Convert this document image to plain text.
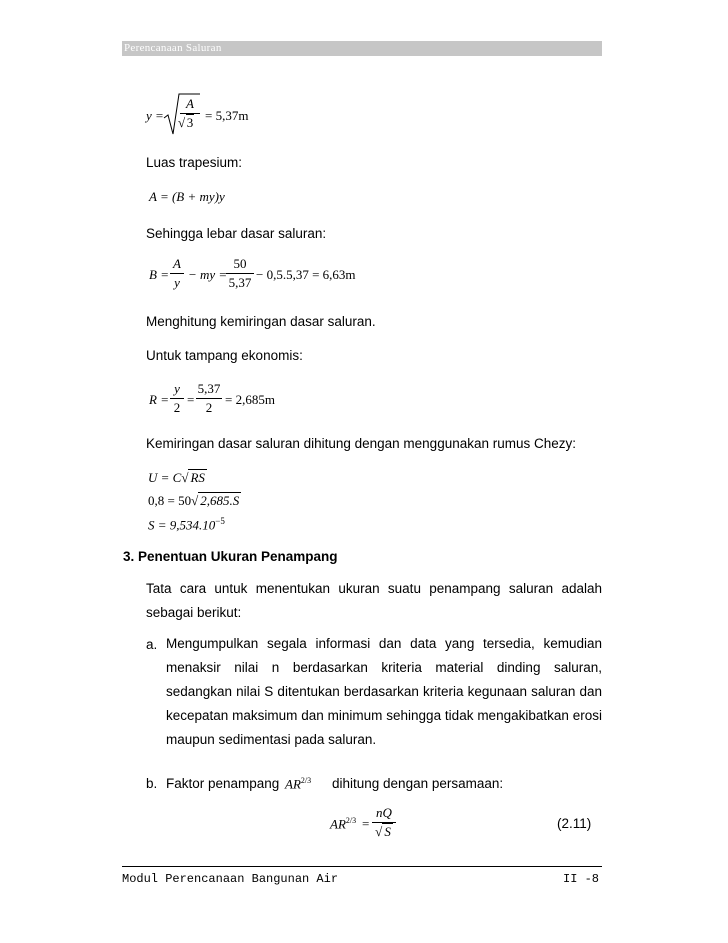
Perencanaan Saluran
y =
A
√ 3 = 5,37m
Luas trapesium:
A = (B + my)y
Sehingga lebar dasar saluran:
B =
A
y
− my =
50
5,37
− 0,5.5,37 = 6,63m
Menghitung kemiringan dasar saluran.
Untuk tampang ekonomis:
R =
y
2
=
5,37
2
= 2,685m
Kemiringan dasar saluran dihitung dengan menggunakan rumus Chezy:
U = C√ RS
0,8 = 50√ 2,685.S
$S = 9,534.10^{-5}$
3. Penentuan Ukuran Penampang
Tata cara untuk menentukan ukuran suatu penampang saluran adalah sebagai berikut:
a. Mengumpulkan segala informasi dan data yang tersedia, kemudian menaksir nilai n berdasarkan kriteria material dinding saluran, sedangkan nilai S ditentukan berdasarkan kriteria kegunaan saluran dan kecepatan maksimum dan minimum sehingga tidak mengakibatkan erosi maupun sedimentasi pada saluran.
b. Faktor penampang $AR^{2/3}$ dihitung dengan persamaan:
$AR^{2/3}$ =
nQ
√ S
(2.11)
Modul Perencanaan Bangunan Air	II -8
